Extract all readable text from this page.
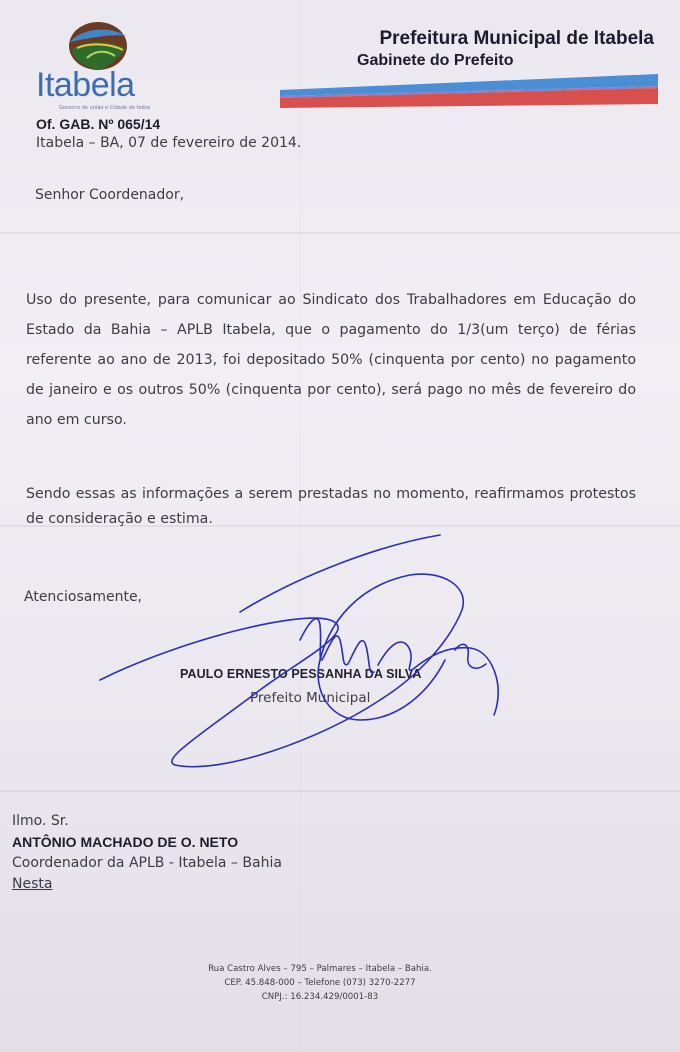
Itabela
Governo de união e Cidade de todos
Prefeitura Municipal de Itabela
Gabinete do Prefeito
Of. GAB. Nº 065/14
Itabela – BA, 07 de fevereiro de 2014.
Senhor Coordenador,
Uso do presente, para comunicar ao Sindicato dos Trabalhadores em Educação do Estado da Bahia – APLB Itabela, que o pagamento do 1/3(um terço) de férias referente ao ano de 2013, foi depositado 50% (cinquenta por cento) no pagamento de janeiro e os outros 50% (cinquenta por cento), será pago no mês de fevereiro do ano em curso.
Sendo essas as informações a serem prestadas no momento, reafirmamos protestos de consideração e estima.
Atenciosamente,
PAULO ERNESTO PESSANHA DA SILVA
Prefeito Municipal
Ilmo. Sr.
ANTÔNIO MACHADO DE O. NETO
Coordenador da APLB - Itabela – Bahia
Nesta
Rua Castro Alves – 795 – Palmares – Itabela – Bahia.
CEP. 45.848-000 – Telefone (073) 3270-2277
CNPJ.: 16.234.429/0001-83
